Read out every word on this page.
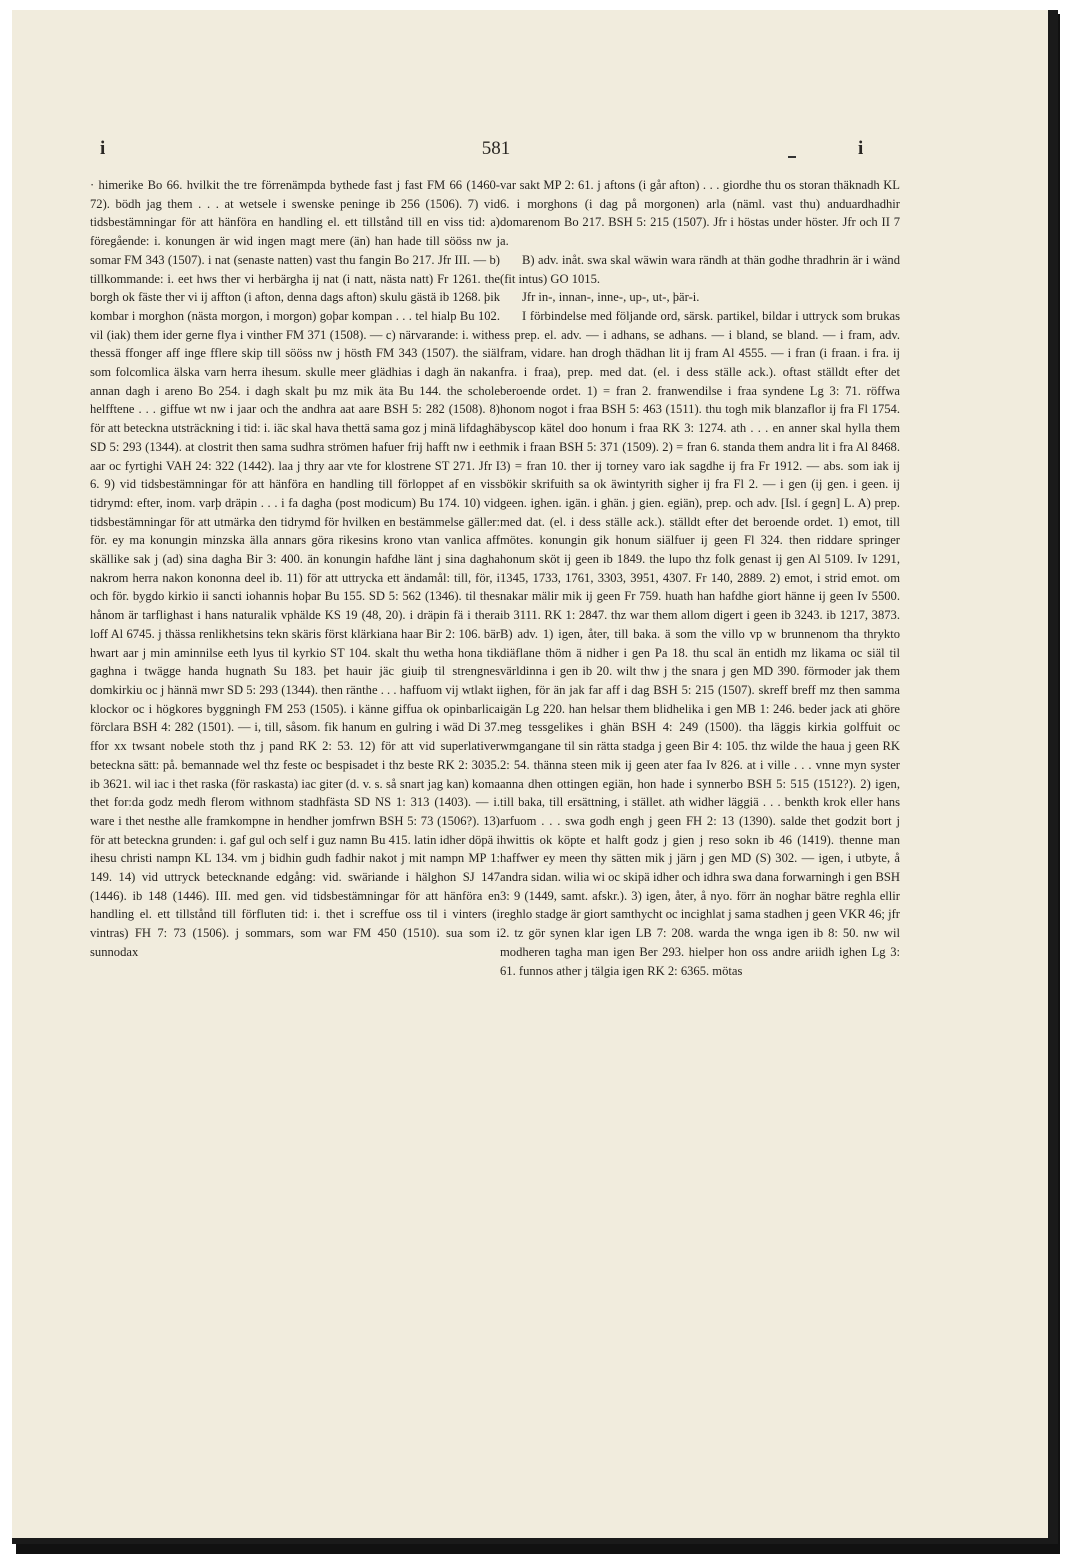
i	581	i

· himerike Bo 66. hvilkit the tre förrenämpda bythede fast j fast FM 66 (1460-72). bödh jag them . . . at wetsele i swenske peninge ib 256 (1506). 7) vid tidsbestämningar för att hänföra en handling el. ett tillstånd till en viss tid: a) föregående: i. konungen är wid ingen magt mere (än) han hade till sööss nw j somar FM 343 (1507). i nat (senaste natten) vast thu fangin Bo 217. Jfr III. — b) tillkommande: i. eet hws ther vi herbärgha ij nat (i natt, nästa natt) Fr 1261. the borgh ok fäste ther vi ij affton (i afton, denna dags afton) skulu gästä ib 1268. þik kombar i morghon (nästa morgon, i morgon) goþar kompan . . . tel hialp Bu 102. vil (iak) them ider gerne flya i vinther FM 371 (1508). — c) närvarande: i. withe thessä ffonger aff inge fflere skip till sööss nw j höstħ FM 343 (1507). the siäl som folcomlica älska varn herra ihesum. skulle meer glädhias i dagh än nakan annan dagh i areno Bo 254. i dagh skalt þu mz mik äta Bu 144. the schole helfftene . . . giffue wt nw i jaar och the andhra aat aare BSH 5: 282 (1508). 8) för att beteckna utsträckning i tid: i. iäc skal hava thettä sama goz j minä lifdaghä SD 5: 293 (1344). at clostrit then sama sudhra strömen hafuer frij hafft nw i eeth aar oc fyrtighi VAH 24: 322 (1442). laa j thry aar vte for klostrene ST 271. Jfr I 6. 9) vid tidsbestämningar för att hänföra en handling till förloppet af en viss tidrymd: efter, inom. varþ dräpin . . . i fa dagha (post modicum) Bu 174. 10) vid tidsbestämningar för att utmärka den tidrymd för hvilken en bestämmelse gäller: för. ey ma konungin minzska älla annars göra rikesins krono vtan vanlica aff skällike sak j (ad) sina dagha Bir 3: 400. än konungin hafdhe länt j sina dagha nakrom herra nakon kononna deel ib. 11) för att uttrycka ett ändamål: till, för, i och för. bygdo kirkio ii sancti iohannis hoþar Bu 155. SD 5: 562 (1346). til thes hånom är tarflighast i hans naturalik vphälde KS 19 (48, 20). i dräpin fä i thera loff Al 6745. j thässa renlikhetsins tekn skäris först klärkiana haar Bir 2: 106. bär hwart aar j min aminnilse eeth lyus til kyrkio ST 104. skalt thu wetha hona tik gaghna i twägge handa hugnath Su 183. þet hauir jäc giuiþ til strengnes domkirkiu oc j hännä mwr SD 5: 293 (1344). then ränthe . . . haffuom vij wtlakt i klockor oc i högkores byggningh FM 253 (1505). i känne giffua ok opinbarlica förclara BSH 4: 282 (1501). — i, till, såsom. fik hanum en gulring i wäd Di 37. ffor xx twsant nobele stoth thz j pand RK 2: 53. 12) för att vid superlativer beteckna sätt: på. bemannade wel thz feste oc bespisadet i thz beste RK 2: 3035. ib 3621. wil iac i thet raska (för raskasta) iac giter (d. v. s. så snart jag kan) koma thet for:da godz medh flerom withnom stadhfästa SD NS 1: 313 (1403). — i. ware i thet nesthe alle framkompne in hendher jomfrwn BSH 5: 73 (1506?). 13) för att beteckna grunden: i. gaf gul och self i guz namn Bu 415. latin idher döpä i ihesu christi nampn KL 134. vm j bidhin gudh fadhir nakot j mit nampn MP 1: 149. 14) vid uttryck betecknande edgång: vid. swäriande i hälghon SJ 147 (1446). ib 148 (1446). III. med gen. vid tidsbestämningar för att hänföra en handling el. ett tillstånd till förfluten tid: i. thet i screffue oss til i vinters (i vintras) FH 7: 73 (1506). j sommars, som war FM 450 (1510). sua som i sunnodax

var sakt MP 2: 61. j aftons (i går afton) . . . giordhe thu os storan thäknadh KL 6. i morghons (i dag på morgonen) arla (näml. vast thu) anduardhadhir domarenom Bo 217. BSH 5: 215 (1507). Jfr i höstas under höster. Jfr och II 7 a.

B) adv. inåt. swa skal wäwin wara rändh at thän godhe thradhrin är i wänd (fit intus) GO 1015.

Jfr in-, innan-, inne-, up-, ut-, þär-i.

I förbindelse med följande ord, särsk. partikel, bildar i uttryck som brukas ss prep. el. adv. — i adhans, se adhans. — i bland, se bland. — i fram, adv. fram, vidare. han drogh thädhan lit ij fram Al 4555. — i fran (i fraan. i fra. ij fra. i fraa), prep. med dat. (el. i dess ställe ack.). oftast ställdt efter det beroende ordet. 1) = fran 2. franwendilse i fraa syndene Lg 3: 71. röffwa honom nogot i fraa BSH 5: 463 (1511). thu togh mik blanzaflor ij fra Fl 1754. byscop kätel doo honum i fraa RK 3: 1274. ath . . . en anner skal hylla them mik i fraan BSH 5: 371 (1509). 2) = fran 6. standa them andra lit i fra Al 8468. 3) = fran 10. ther ij torney varo iak sagdhe ij fra Fr 1912. — abs. som iak ij bökir skrifuith sa ok äwintyrith sigher ij fra Fl 2. — i gen (ij gen. i geen. ij geen. ighen. igän. i ghän. j gien. egiän), prep. och adv. [Isl. í gegn] L. A) prep. med dat. (el. i dess ställe ack.). ställdt efter det beroende ordet. 1) emot, till mötes. konungin gik honum siälfuer ij geen Fl 324. then riddare springer honum sköt ij geen ib 1849. the lupo thz folk genast ij gen Al 5109. Iv 1291, 1345, 1733, 1761, 3303, 3951, 4307. Fr 140, 2889. 2) emot, i strid emot. om nakar mälir mik ij geen Fr 759. huath han hafdhe giort hänne ij geen Iv 5500. ib 3111. RK 1: 2847. thz war them allom digert i geen ib 3243. ib 1217, 3873. B) adv. 1) igen, åter, till baka. ä som the villo vp w brunnenom tha thrykto diäflane thöm ä nidher i gen Pa 18. thu scal än entidh mz likama oc siäl til världinna i gen ib 20. wilt thw j the snara j gen MD 390. förmoder jak them ighen, för än jak far aff i dag BSH 5: 215 (1507). skreff breff mz then samma igän Lg 220. han helsar them blidhelika i gen MB 1: 246. beder jack ati ghöre meg tessgelikes i ghän BSH 4: 249 (1500). tha läggis kirkia golffuit oc wmgangane til sin rätta stadga j geen Bir 4: 105. thz wilde the haua j geen RK 2: 54. thänna steen mik ij geen ater faa Iv 826. at i ville . . . vnne myn syster anna dhen ottingen egiän, hon hade i synnerbo BSH 5: 515 (1512?). 2) igen, till baka, till ersättning, i stället. ath widher läggiä . . . benkth krok eller hans arfuom . . . swa godh engh j geen FH 2: 13 (1390). salde thet godzit bort j hwittis ok köpte et halft godz j gien j reso sokn ib 46 (1419). thenne man haffwer ey meen thy sätten mik j järn j gen MD (S) 302. — igen, i utbyte, å andra sidan. wilia wi oc skipä idher och idhra swa dana forwarningh i gen BSH 3: 9 (1449, samt. afskr.). 3) igen, åter, å nyo. förr än noghar bätre reghla ellir reghlo stadge är giort samthycht oc incighlat j sama stadhen j geen VKR 46; jfr 2. tz gör synen klar igen LB 7: 208. warda the wnga igen ib 8: 50. nw wil modheren tagha man igen Ber 293. hielper hon oss andre ariidh ighen Lg 3: 61. funnos ather j tälgia igen RK 2: 6365. mötas
